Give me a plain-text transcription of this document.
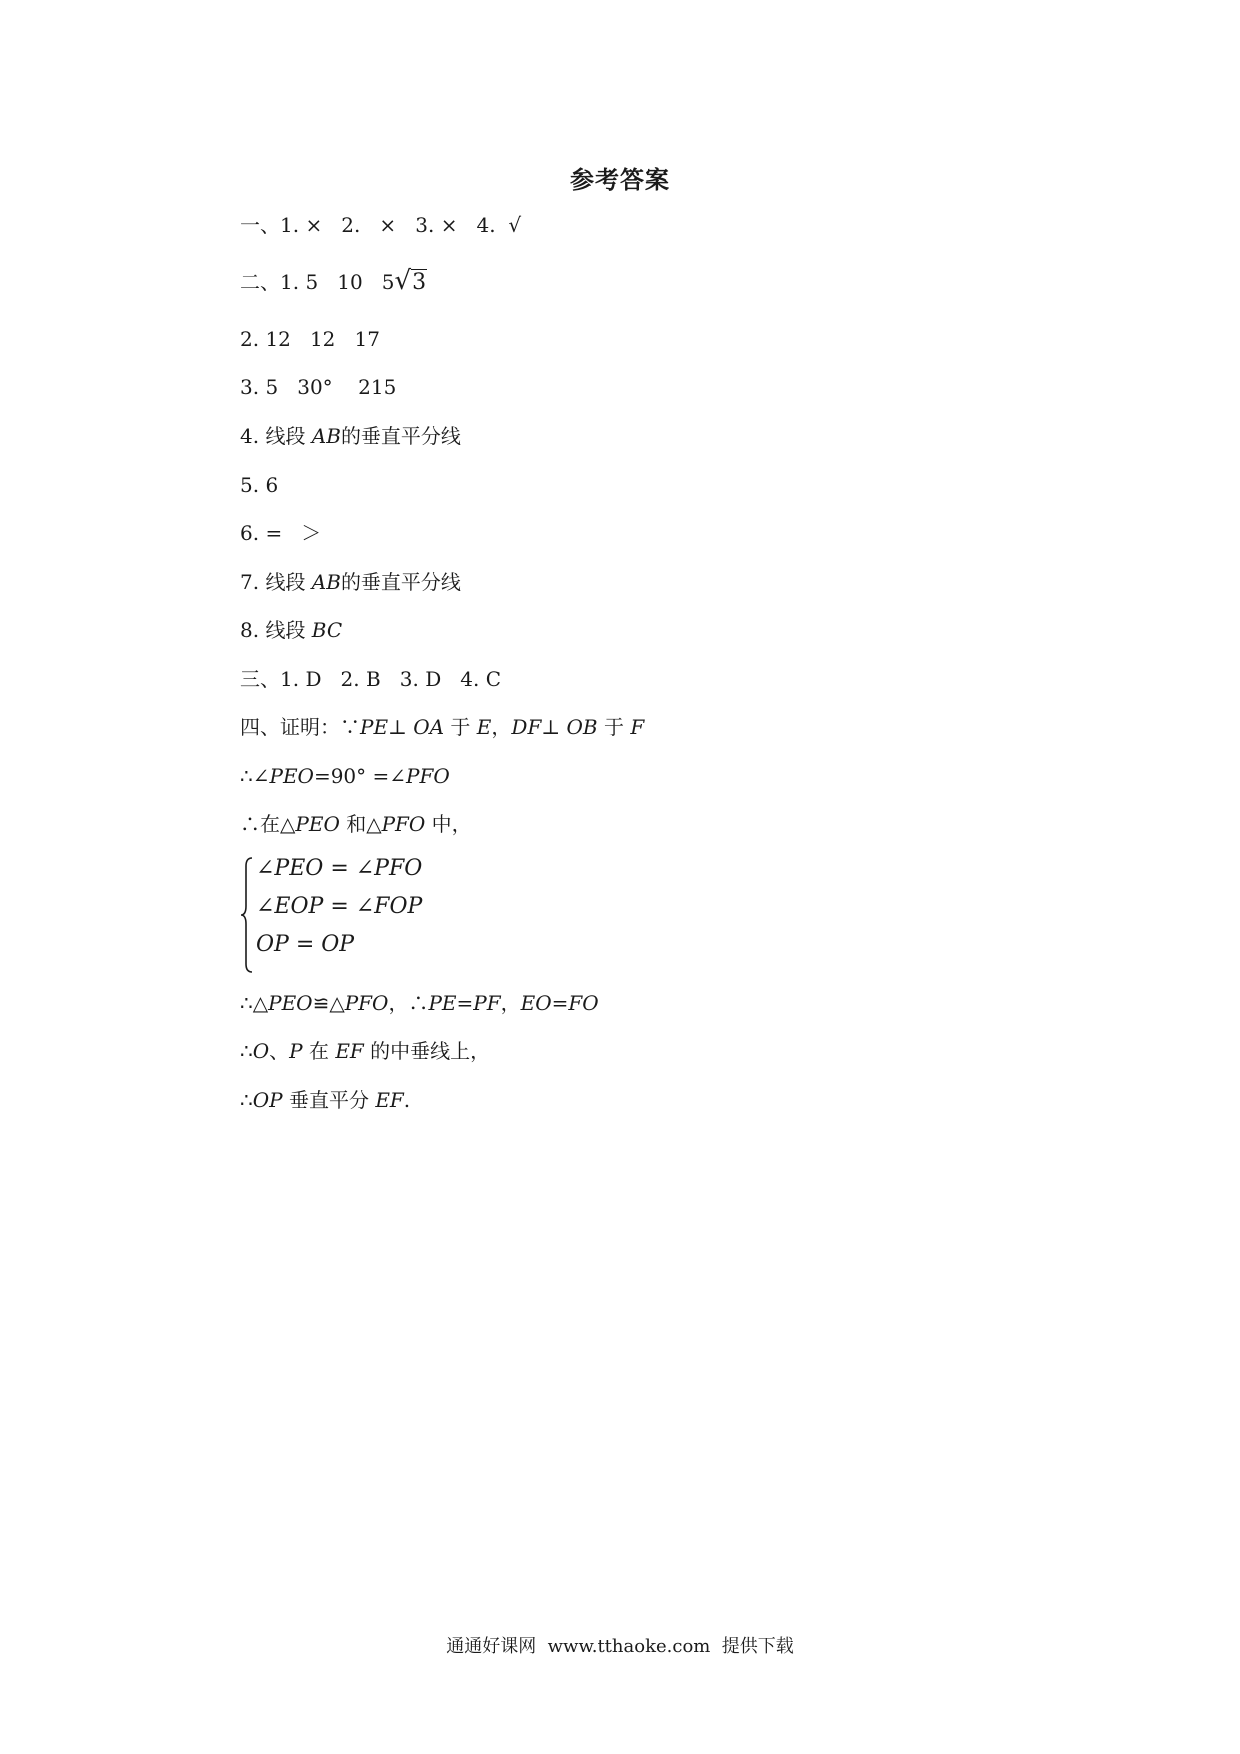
参考答案
一、1. ×   2.   ×   3. ×   4.  √
二、1. 5   10   5√3
2. 12   12   17
3. 5   30°    215
4. 线段 AB的垂直平分线
5. 6
6. =   ＞
7. 线段 AB的垂直平分线
8. 线段 BC
三、1. D   2. B   3. D   4. C
四、证明：∵PE⊥ OA 于 E，DF⊥ OB 于 F
∴∠PEO=90° =∠PFO
∴在△PEO 和△PFO 中，
∠PEO = ∠PFO
∠EOP = ∠FOP
OP = OP
∴△PEO≌△PFO，∴PE=PF，EO=FO
∴O、P 在 EF 的中垂线上，
∴OP 垂直平分 EF.
通通好课网  www.tthaoke.com  提供下载
